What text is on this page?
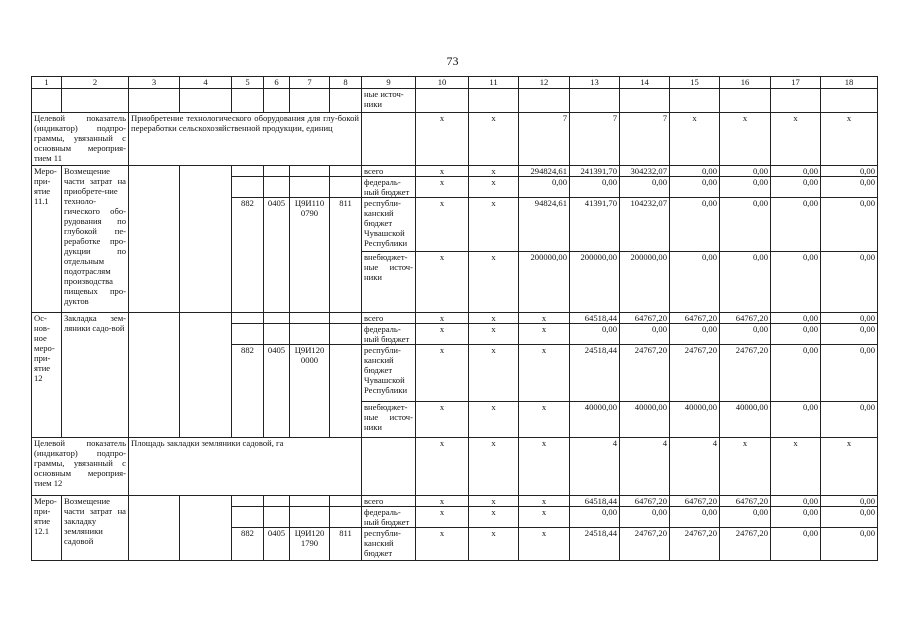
73
1	2	3	4	5	6	7	8	9	10	11	12	13	14	15	16	17	18
								ные источ-
ники									
Целевой показатель (индикатор) подпро-граммы, увязанный с основным мероприя-тием 11		Приобретение технологического оборудования для глу-бокой переработки сельскохозяйственной продукции, единиц							x	x	7	7	7	x	x	x	x
Меро-при-ятие 11.1	Возмещение части затрат на приобрете-ние техноло-гического обо-рудования по глубокой пе-реработке про-дукции по отдельным подотраслям производства пищевых про-дуктов							всего	x	x	294824,61	241391,70	304232,07	0,00	0,00	0,00	0,00
								федераль-ный бюджет	x	x	0,00	0,00	0,00	0,00	0,00	0,00	0,00
				882	0405	Ц9И110
0790	811	республи-канский бюджет Чувашской Республики	x	x	94824,61	41391,70	104232,07	0,00	0,00	0,00	0,00
								внебюджет-ные источ-ники	x	x	200000,00	200000,00	200000,00	0,00	0,00	0,00	0,00
Ос-нов-ное меро-при-ятие 12	Закладка зем-ляники садо-вой							всего	x	x	x	64518,44	64767,20	64767,20	64767,20	0,00	0,00
								федераль-ный бюджет	x	x	x	0,00	0,00	0,00	0,00	0,00	0,00
				882	0405	Ц9И120
0000		республи-канский бюджет Чувашской Республики	x	x	x	24518,44	24767,20	24767,20	24767,20	0,00	0,00
								внебюджет-ные источ-ники	x	x	x	40000,00	40000,00	40000,00	40000,00	0,00	0,00
Целевой показатель (индикатор) подпро-граммы, увязанный с основным мероприя-тием 12		Площадь закладки земляники садовой, га							x	x	x	4	4	4	x	x	x
Меро-при-ятие 12.1	Возмещение части затрат на закладку земляники садовой							всего	x	x	x	64518,44	64767,20	64767,20	64767,20	0,00	0,00
								федераль-ный бюджет	x	x	x	0,00	0,00	0,00	0,00	0,00	0,00
				882	0405	Ц9И120
1790	811	республи-канский бюджет	x	x	x	24518,44	24767,20	24767,20	24767,20	0,00	0,00
